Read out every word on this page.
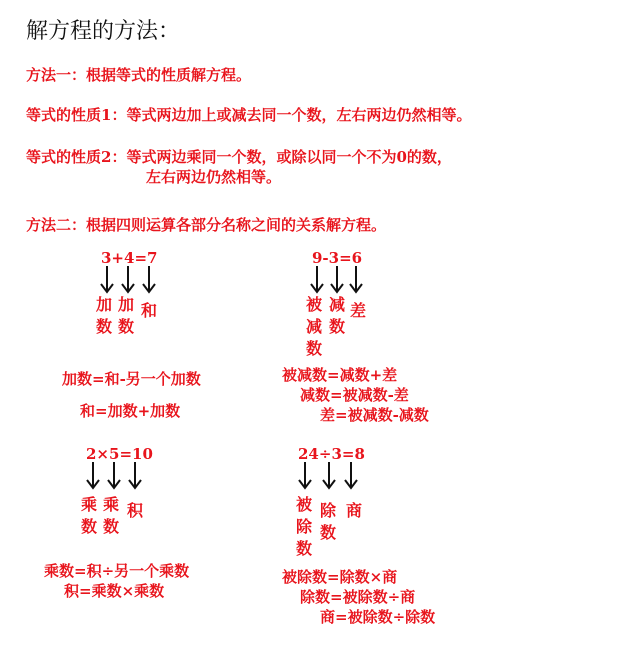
解方程的方法：
方法一：根据等式的性质解方程。
等式的性质1：等式两边加上或减去同一个数，左右两边仍然相等。
等式的性质2：等式两边乘同一个数，或除以同一个不为0的数，
左右两边仍然相等。
方法二：根据四则运算各部分名称之间的关系解方程。
3+4=7
加数
加数
和
加数=和-另一个加数
和=加数+加数
9-3=6
被减数
减数
差
被减数=减数+差
减数=被减数-差
差=被减数-减数
2×5=10
乘数
乘数
积
乘数=积÷另一个乘数
积=乘数×乘数
24÷3=8
被除数
除数
商
被除数=除数×商
除数=被除数÷商
商=被除数÷除数
